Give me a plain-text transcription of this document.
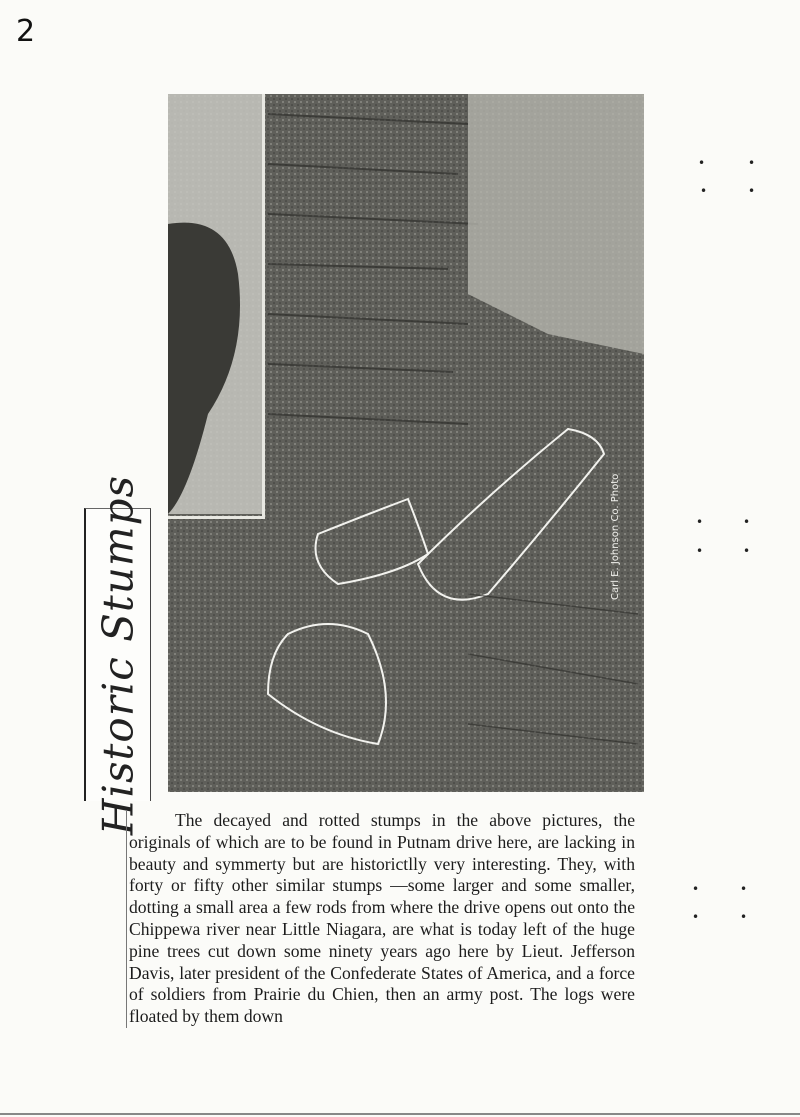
2
Carl E. Johnson Co. Photo
Historic Stumps	The decayed and rotted stumps in the above pictures, the originals of which are to be found in Putnam drive here, are lacking in beauty and symmerty but are historictlly very interesting. They, with forty or fifty other similar stumps —some larger and some smaller, dotting a small area a few rods from where the drive opens out onto the Chippewa river near Little Niagara, are what is today left of the huge pine trees cut down some ninety years ago here by Lieut. Jefferson Davis, later president of the Confederate States of America, and a force of soldiers from Prairie du Chien, then an army post. The logs were floated by them down

•	•
•	•
•	•
•	•
•	•
•	•
